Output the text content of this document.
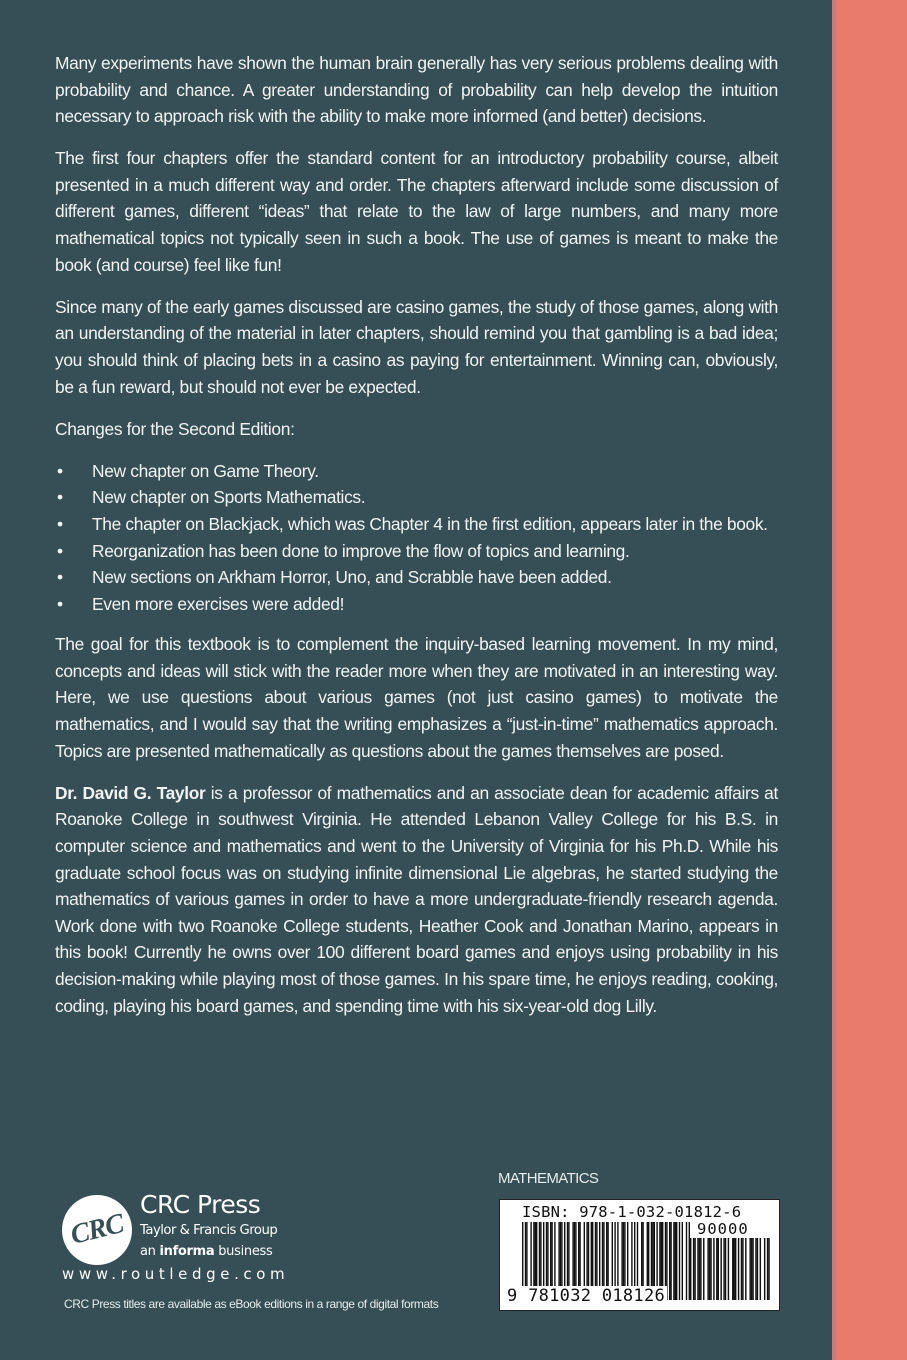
Many experiments have shown the human brain generally has very serious problems dealing with probability and chance. A greater understanding of probability can help develop the intuition necessary to approach risk with the ability to make more informed (and better) decisions.

The first four chapters offer the standard content for an introductory probability course, albeit presented in a much different way and order. The chapters afterward include some discussion of different games, different “ideas” that relate to the law of large numbers, and many more mathematical topics not typically seen in such a book. The use of games is meant to make the book (and course) feel like fun!

Since many of the early games discussed are casino games, the study of those games, along with an understanding of the material in later chapters, should remind you that gambling is a bad idea; you should think of placing bets in a casino as paying for entertainment. Winning can, obviously, be a fun reward, but should not ever be expected.

Changes for the Second Edition:

• New chapter on Game Theory.
• New chapter on Sports Mathematics.
• The chapter on Blackjack, which was Chapter 4 in the first edition, appears later in the book.
• Reorganization has been done to improve the flow of topics and learning.
• New sections on Arkham Horror, Uno, and Scrabble have been added.
• Even more exercises were added!

The goal for this textbook is to complement the inquiry-based learning movement. In my mind, concepts and ideas will stick with the reader more when they are motivated in an interesting way. Here, we use questions about various games (not just casino games) to motivate the mathematics, and I would say that the writing emphasizes a “just-in-time” mathematics approach. Topics are presented mathematically as questions about the games themselves are posed.

Dr. David G. Taylor is a professor of mathematics and an associate dean for academic affairs at Roanoke College in southwest Virginia. He attended Lebanon Valley College for his B.S. in computer science and mathematics and went to the University of Virginia for his Ph.D. While his graduate school focus was on studying infinite dimensional Lie algebras, he started studying the mathematics of various games in order to have a more undergraduate-friendly research agenda. Work done with two Roanoke College students, Heather Cook and Jonathan Marino, appears in this book! Currently he owns over 100 different board games and enjoys using probability in his decision-making while playing most of those games. In his spare time, he enjoys reading, cooking, coding, playing his board games, and spending time with his six-year-old dog Lilly.

CRC
CRC Press
Taylor & Francis Group
an informa business
www.routledge.com
CRC Press titles are available as eBook editions in a range of digital formats
MATHEMATICS
ISBN: 978-1-032-01812-6
90000
9 781032 018126
